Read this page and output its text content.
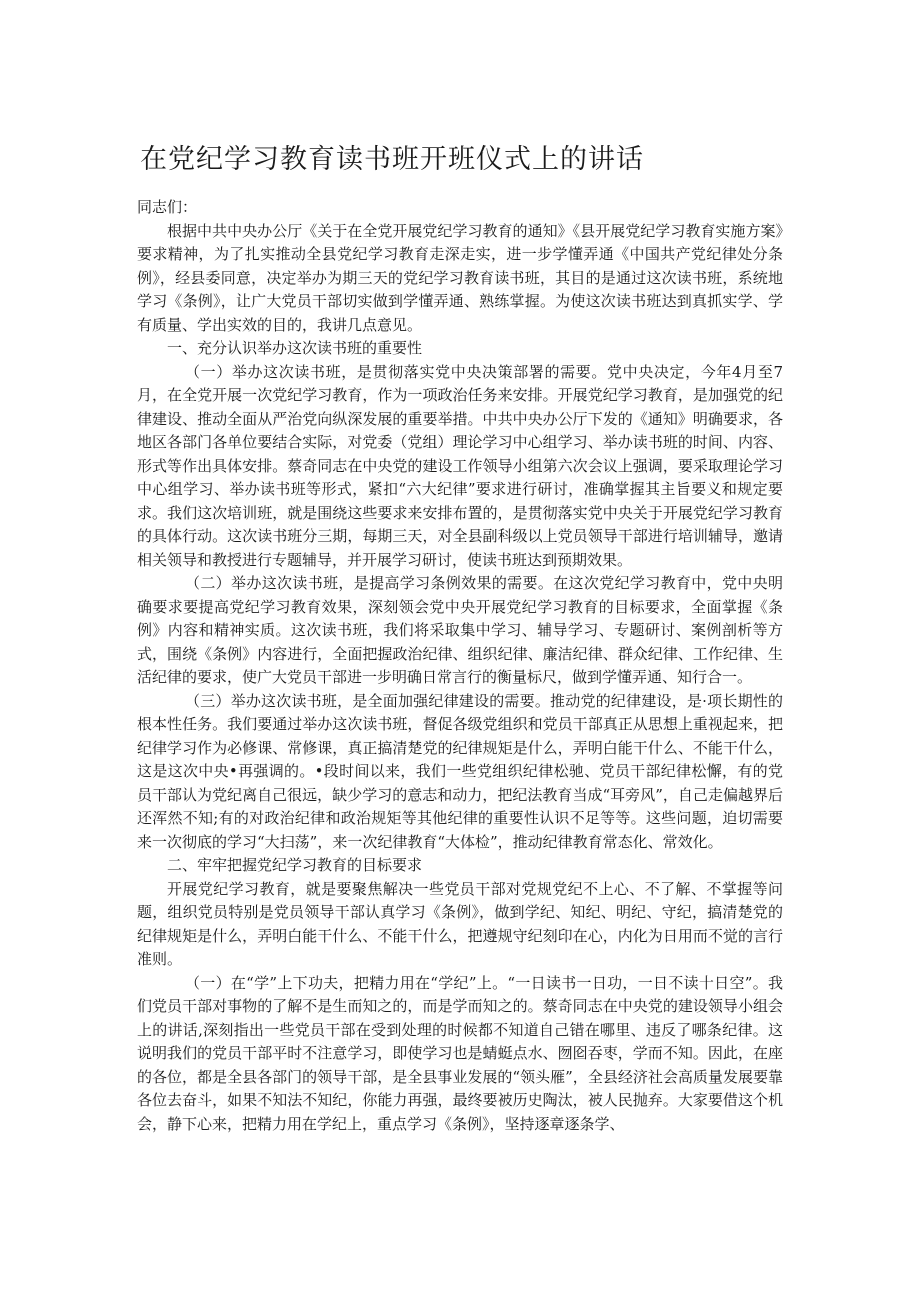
在党纪学习教育读书班开班仪式上的讲话

同志们：

根据中共中央办公厅《关于在全党开展党纪学习教育的通知》《县开展党纪学习教育实施方案》要求精神，为了扎实推动全县党纪学习教育走深走实，进一步学懂弄通《中国共产党纪律处分条例》，经县委同意，决定举办为期三天的党纪学习教育读书班，其目的是通过这次读书班，系统地学习《条例》，让广大党员干部切实做到学懂弄通、熟练掌握。为使这次读书班达到真抓实学、学有质量、学出实效的目的，我讲几点意见。

一、充分认识举办这次读书班的重要性

（一）举办这次读书班，是贯彻落实党中央决策部署的需要。党中央决定，今年4月至7月，在全党开展一次党纪学习教育，作为一项政治任务来安排。开展党纪学习教育，是加强党的纪律建设、推动全面从严治党向纵深发展的重要举措。中共中央办公厅下发的《通知》明确要求，各地区各部门各单位要结合实际，对党委（党组）理论学习中心组学习、举办读书班的时间、内容、形式等作出具体安排。蔡奇同志在中央党的建设工作领导小组第六次会议上强调，要采取理论学习中心组学习、举办读书班等形式，紧扣“六大纪律”要求进行研讨，准确掌握其主旨要义和规定要求。我们这次培训班，就是围绕这些要求来安排布置的，是贯彻落实党中央关于开展党纪学习教育的具体行动。这次读书班分三期，每期三天，对全县副科级以上党员领导干部进行培训辅导，邀请相关领导和教授进行专题辅导，并开展学习研讨，使读书班达到预期效果。

（二）举办这次读书班，是提高学习条例效果的需要。在这次党纪学习教育中，党中央明确要求要提高党纪学习教育效果，深刻领会党中央开展党纪学习教育的目标要求，全面掌握《条例》内容和精神实质。这次读书班，我们将采取集中学习、辅导学习、专题研讨、案例剖析等方式，围绕《条例》内容进行，全面把握政治纪律、组织纪律、廉洁纪律、群众纪律、工作纪律、生活纪律的要求，使广大党员干部进一步明确日常言行的衡量标尺，做到学懂弄通、知行合一。

（三）举办这次读书班，是全面加强纪律建设的需要。推动党的纪律建设，是·项长期性的根本性任务。我们要通过举办这次读书班，督促各级党组织和党员干部真正从思想上重视起来，把纪律学习作为必修课、常修课，真正搞清楚党的纪律规矩是什么，弄明白能干什么、不能干什么，这是这次中央•再强调的。•段时间以来，我们一些党组织纪律松驰、党员干部纪律松懈，有的党员干部认为党纪离自己很远，缺少学习的意志和动力，把纪法教育当成“耳旁风”，自己走偏越界后还浑然不知;有的对政治纪律和政治规矩等其他纪律的重要性认识不足等等。这些问题，迫切需要来一次彻底的学习“大扫荡”，来一次纪律教育“大体检”，推动纪律教育常态化、常效化。

二、牢牢把握党纪学习教育的目标要求

开展党纪学习教育，就是要聚焦解决一些党员干部对党规党纪不上心、不了解、不掌握等问题，组织党员特别是党员领导干部认真学习《条例》，做到学纪、知纪、明纪、守纪，搞清楚党的纪律规矩是什么，弄明白能干什么、不能干什么，把遵规守纪刻印在心，内化为日用而不觉的言行准则。

（一）在“学”上下功夫，把精力用在“学纪”上。“一日读书一日功，一日不读十日空”。我们党员干部对事物的了解不是生而知之的，而是学而知之的。蔡奇同志在中央党的建设领导小组会上的讲话,深刻指出一些党员干部在受到处理的时候都不知道自己错在哪里、违反了哪条纪律。这说明我们的党员干部平时不注意学习，即使学习也是蜻蜓点水、囫囵吞枣，学而不知。因此，在座的各位，都是全县各部门的领导干部，是全县事业发展的“领头雁”，全县经济社会高质量发展要靠各位去奋斗，如果不知法不知纪，你能力再强，最终要被历史陶汰，被人民抛弃。大家要借这个机会，静下心来，把精力用在学纪上，重点学习《条例》，坚持逐章逐条学、
